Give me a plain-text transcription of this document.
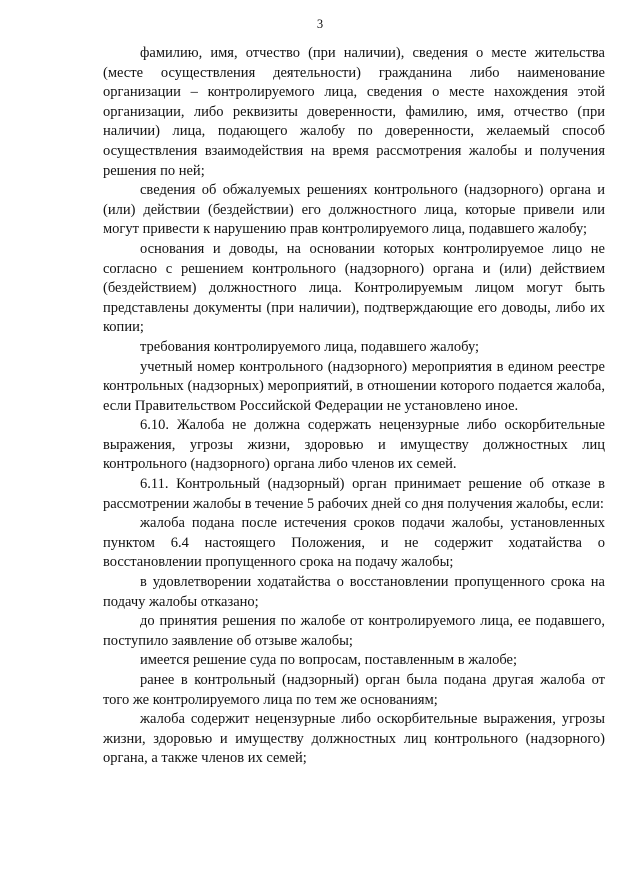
3

фамилию, имя, отчество (при наличии), сведения о месте жительства (месте осуществления деятельности) гражданина либо наименование организации – контролируемого лица, сведения о месте нахождения этой организации, либо реквизиты доверенности, фамилию, имя, отчество (при наличии) лица, подающего жалобу по доверенности, желаемый способ осуществления взаимодействия на время рассмотрения жалобы и получения решения по ней;

сведения об обжалуемых решениях контрольного (надзорного) органа и (или) действии (бездействии) его должностного лица, которые привели или могут привести к нарушению прав контролируемого лица, подавшего жалобу;

основания и доводы, на основании которых контролируемое лицо не согласно с решением контрольного (надзорного) органа и (или) действием (бездействием) должностного лица. Контролируемым лицом могут быть представлены документы (при наличии), подтверждающие его доводы, либо их копии;

требования контролируемого лица, подавшего жалобу;

учетный номер контрольного (надзорного) мероприятия в едином реестре контрольных (надзорных) мероприятий, в отношении которого подается жалоба, если Правительством Российской Федерации не установлено иное.

6.10. Жалоба не должна содержать нецензурные либо оскорбительные выражения, угрозы жизни, здоровью и имуществу должностных лиц контрольного (надзорного) органа либо членов их семей.

6.11. Контрольный (надзорный) орган принимает решение об отказе в рассмотрении жалобы в течение 5 рабочих дней со дня получения жалобы, если:

жалоба подана после истечения сроков подачи жалобы, установленных пунктом 6.4 настоящего Положения, и не содержит ходатайства о восстановлении пропущенного срока на подачу жалобы;

в удовлетворении ходатайства о восстановлении пропущенного срока на подачу жалобы отказано;

до принятия решения по жалобе от контролируемого лица, ее подавшего, поступило заявление об отзыве жалобы;

имеется решение суда по вопросам, поставленным в жалобе;

ранее в контрольный (надзорный) орган была подана другая жалоба от того же контролируемого лица по тем же основаниям;

жалоба содержит нецензурные либо оскорбительные выражения, угрозы жизни, здоровью и имуществу должностных лиц контрольного (надзорного) органа, а также членов их семей;
